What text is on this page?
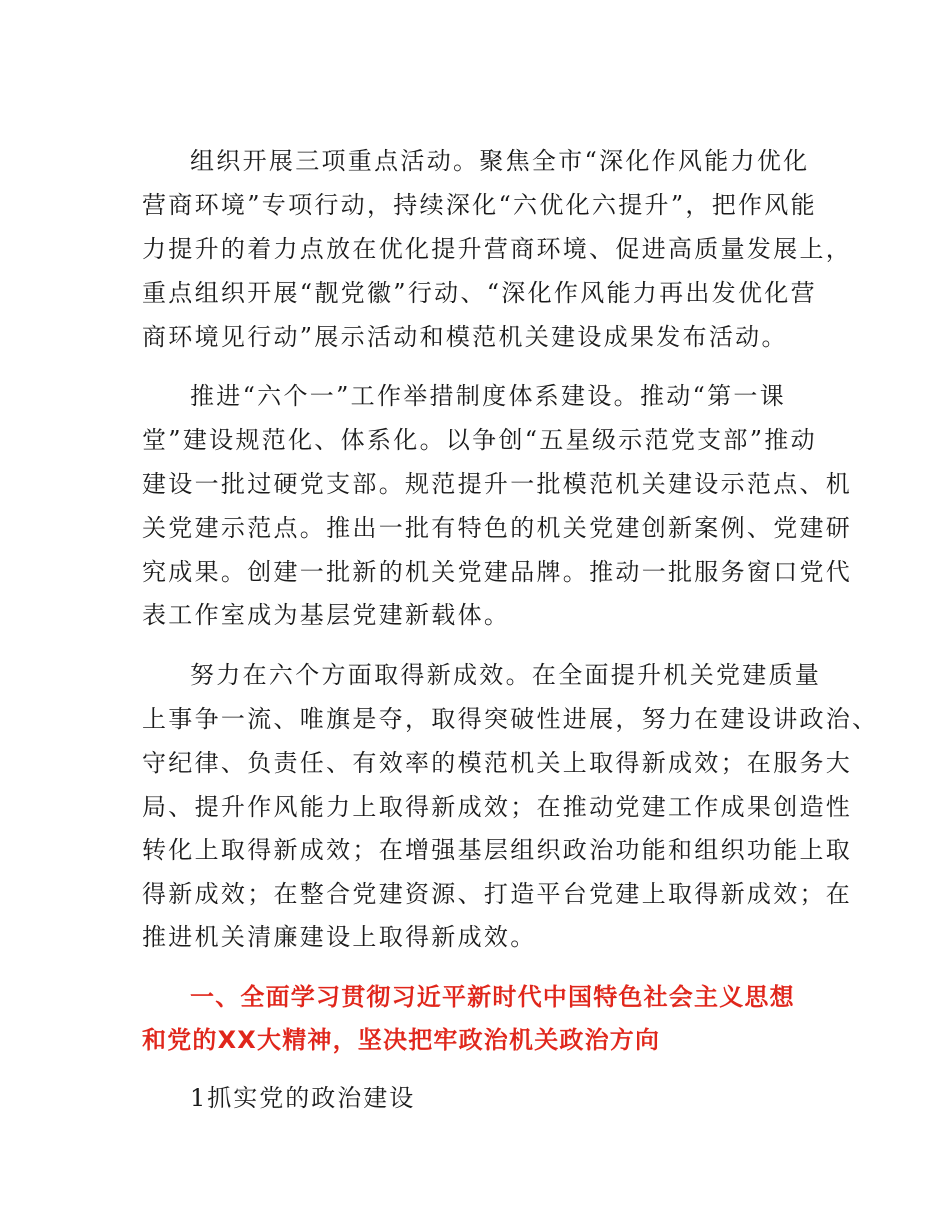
组织开展三项重点活动。聚焦全市“深化作风能力优化
营商环境”专项行动，持续深化“六优化六提升”，把作风能
力提升的着力点放在优化提升营商环境、促进高质量发展上，
重点组织开展“靓党徽”行动、“深化作风能力再出发优化营
商环境见行动”展示活动和模范机关建设成果发布活动。
推进“六个一”工作举措制度体系建设。推动“第一课
堂”建设规范化、体系化。以争创“五星级示范党支部”推动
建设一批过硬党支部。规范提升一批模范机关建设示范点、机
关党建示范点。推出一批有特色的机关党建创新案例、党建研
究成果。创建一批新的机关党建品牌。推动一批服务窗口党代
表工作室成为基层党建新载体。
努力在六个方面取得新成效。在全面提升机关党建质量
上事争一流、唯旗是夺，取得突破性进展，努力在建设讲政治、
守纪律、负责任、有效率的模范机关上取得新成效；在服务大
局、提升作风能力上取得新成效；在推动党建工作成果创造性
转化上取得新成效；在增强基层组织政治功能和组织功能上取
得新成效；在整合党建资源、打造平台党建上取得新成效；在
推进机关清廉建设上取得新成效。
一、全面学习贯彻习近平新时代中国特色社会主义思想
和党的XX大精神，坚决把牢政治机关政治方向
1抓实党的政治建设
